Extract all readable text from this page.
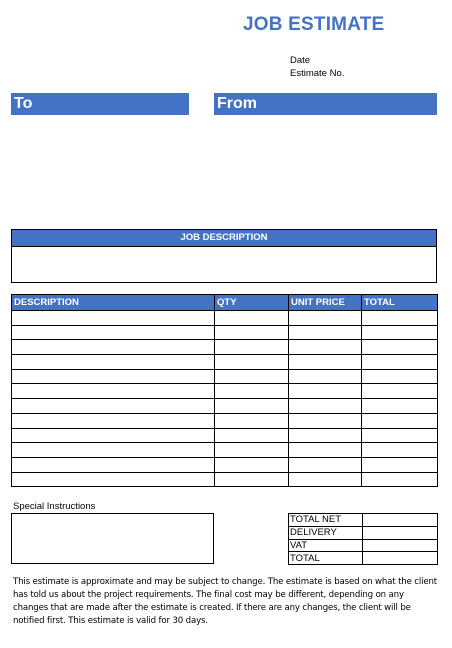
JOB ESTIMATE
Date
Estimate No.
To	From
JOB DESCRIPTION
DESCRIPTION	QTY	UNIT PRICE	TOTAL

Special Instructions
TOTAL NET	
DELIVERY	
VAT	
TOTAL	
This estimate is approximate and may be subject to change. The estimate is based on what the client has told us about the project requirements. The final cost may be different, depending on any changes that are made after the estimate is created. If there are any changes, the client will be notified first. This estimate is valid for 30 days.
